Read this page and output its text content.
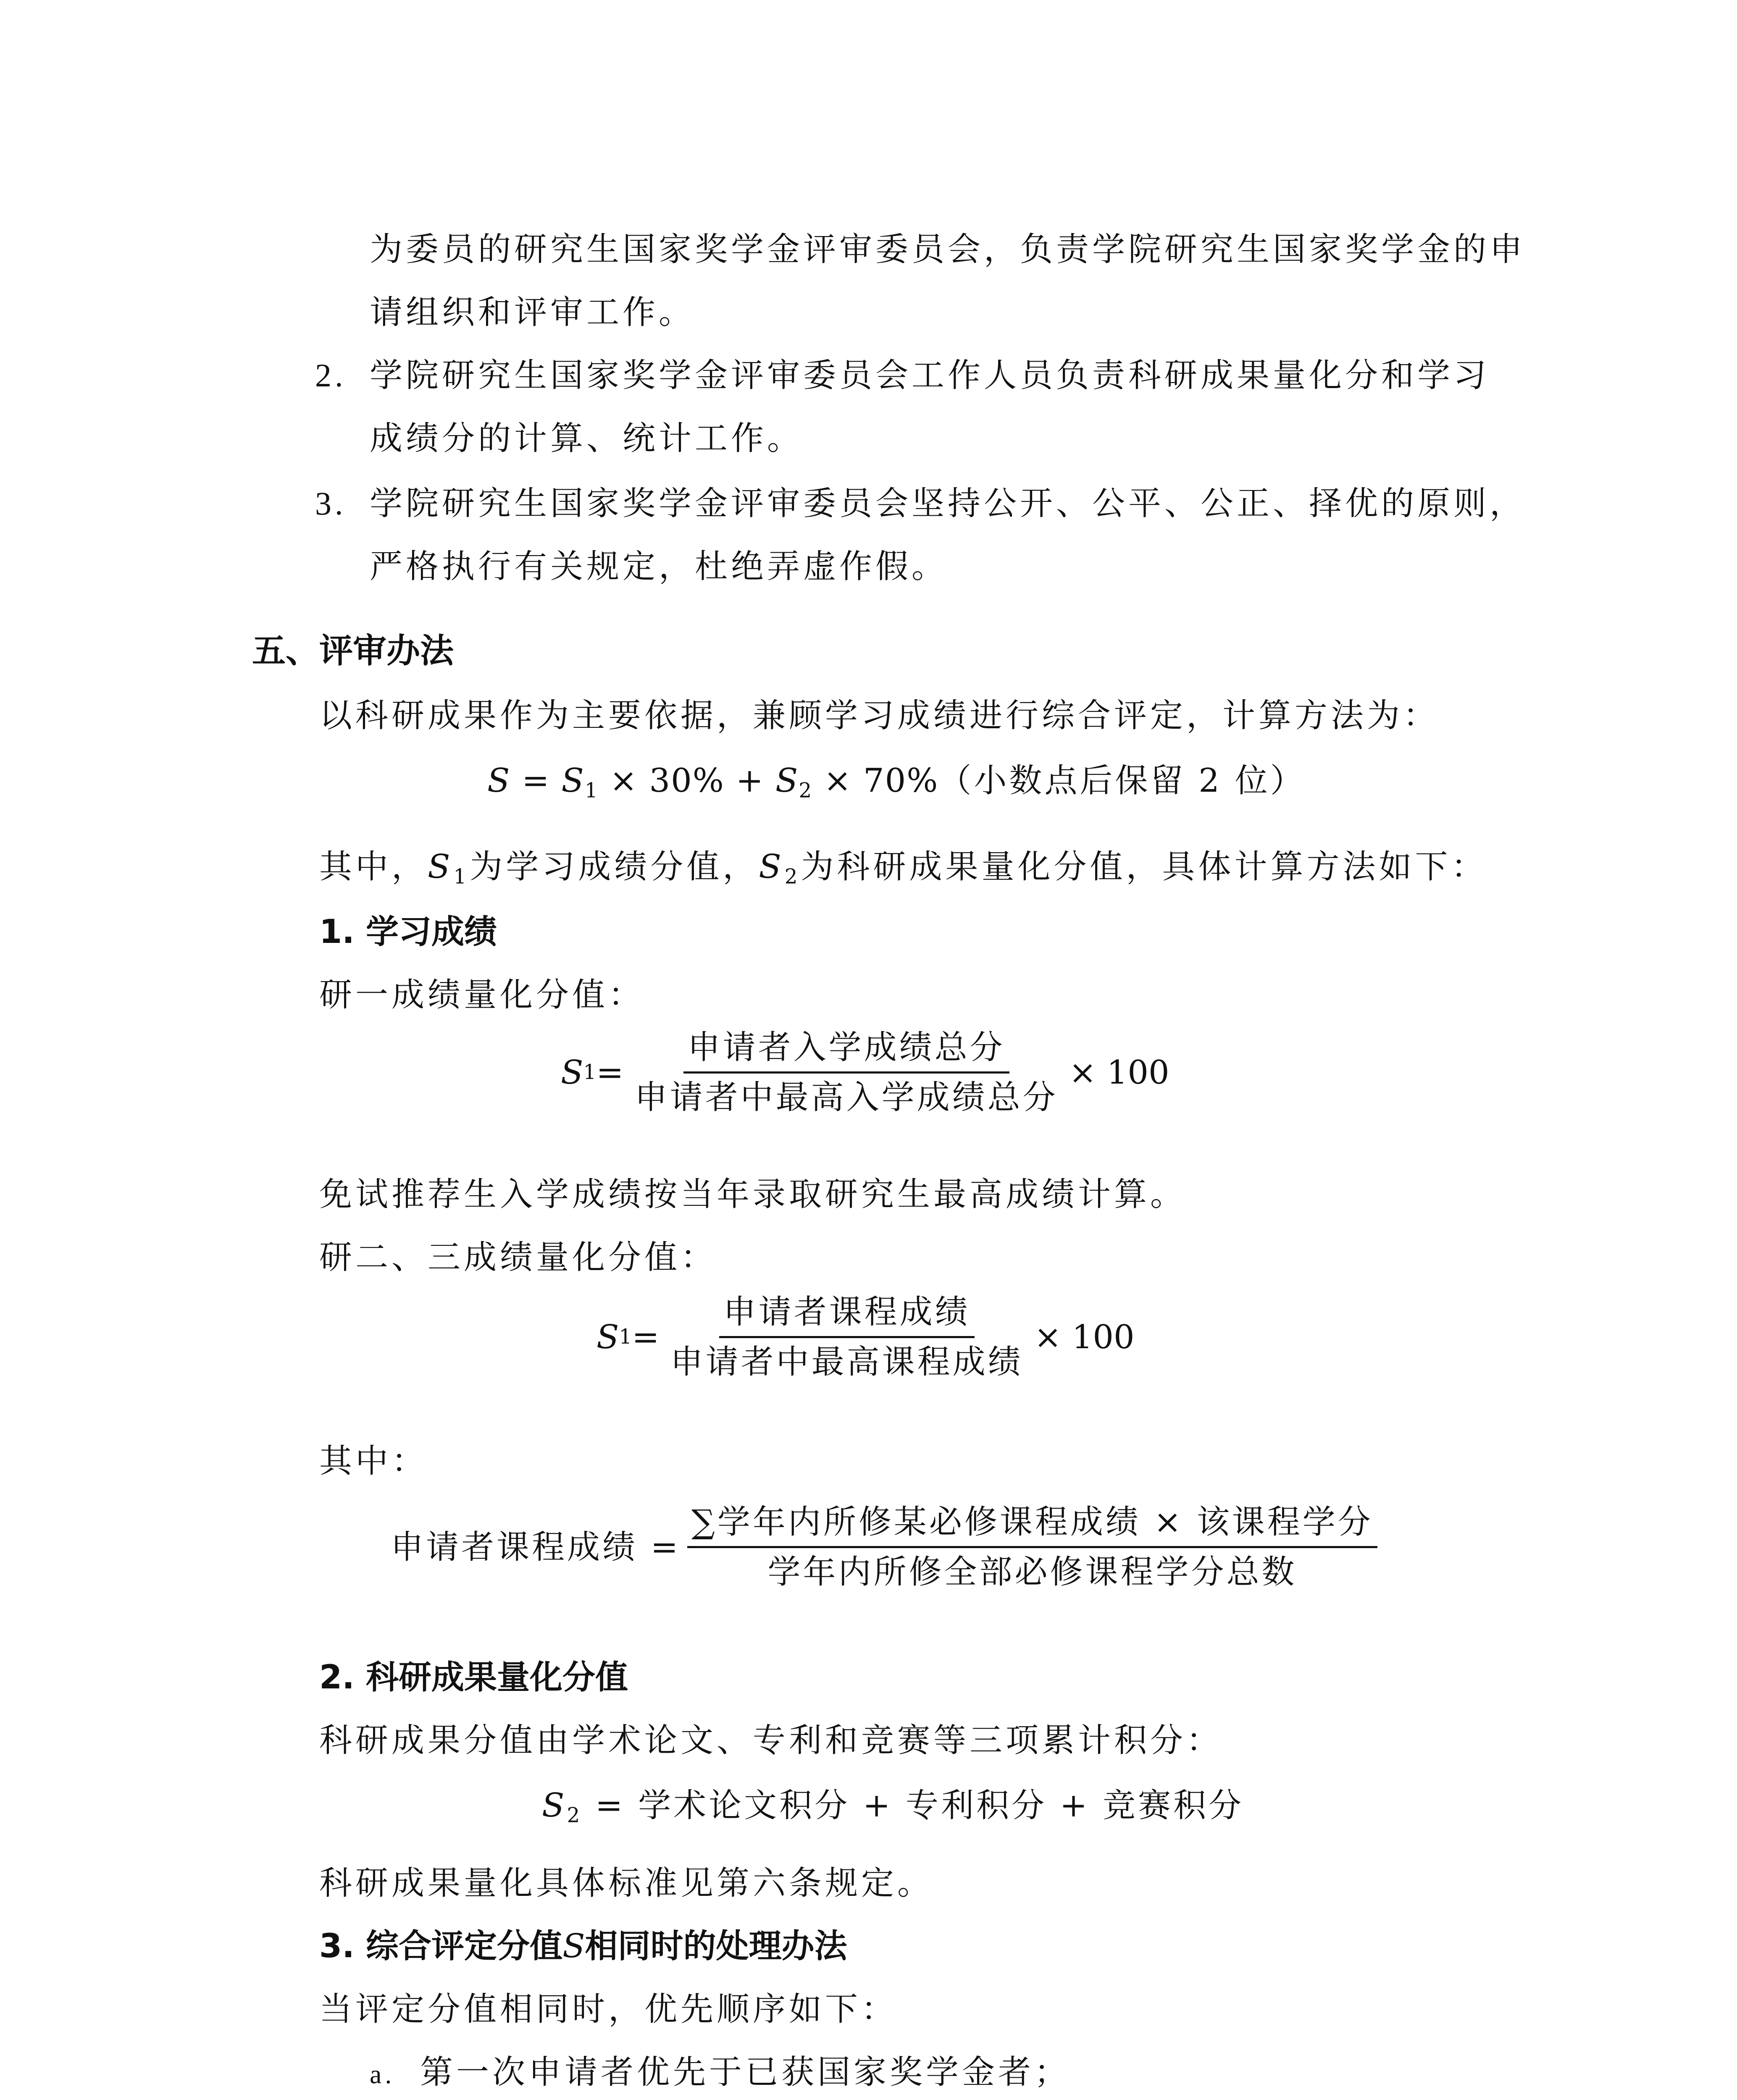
为委员的研究生国家奖学金评审委员会，负责学院研究生国家奖学金的申
请组织和评审工作。
2. 学院研究生国家奖学金评审委员会工作人员负责科研成果量化分和学习
成绩分的计算、统计工作。
3. 学院研究生国家奖学金评审委员会坚持公开、公平、公正、择优的原则，
严格执行有关规定，杜绝弄虚作假。
五、评审办法
以科研成果作为主要依据，兼顾学习成绩进行综合评定，计算方法为：
$S = S_1 \times 30\% + S_2 \times 70\%$（小数点后保留 2 位）
其中，$S_1$为学习成绩分值，$S_2$为科研成果量化分值，具体计算方法如下：
1. 学习成绩
研一成绩量化分值：
S 1 =
申请者入学成绩总分
申请者中最高入学成绩总分
× 100
免试推荐生入学成绩按当年录取研究生最高成绩计算。
研二、三成绩量化分值：
S 1 =
申请者课程成绩
申请者中最高课程成绩
× 100
其中：
申请者课程成绩 =
∑学年内所修某必修课程成绩 × 该课程学分
学年内所修全部必修课程学分总数
2. 科研成果量化分值
科研成果分值由学术论文、专利和竞赛等三项累计积分：
$S_2$ = 学术论文积分 + 专利积分 + 竞赛积分
科研成果量化具体标准见第六条规定。
3. 综合评定分值S相同时的处理办法
当评定分值相同时，优先顺序如下：
a. 第一次申请者优先于已获国家奖学金者；
